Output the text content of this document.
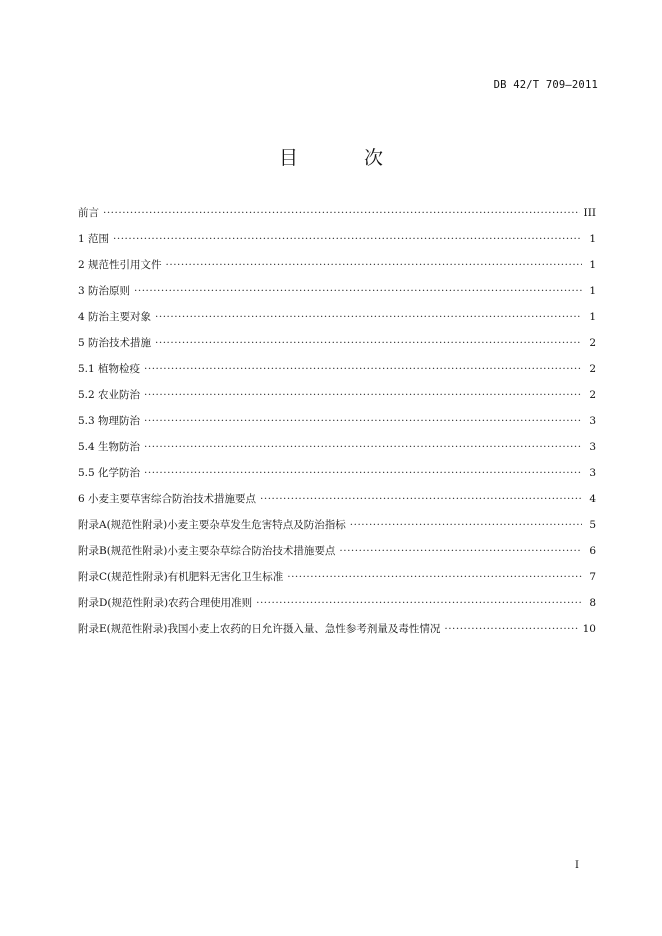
DB 42/T 709—2011
目 次
前言 ·····	III
1 范围 ·····	1
2 规范性引用文件 ·····	1
3 防治原则 ·····	1
4 防治主要对象 ·····	1
5 防治技术措施 ·····	2
5.1 植物检疫 ·····	2
5.2 农业防治 ·····	2
5.3 物理防治 ·····	3
5.4 生物防治 ·····	3
5.5 化学防治 ·····	3
6 小麦主要草害综合防治技术措施要点 ·····	4
附录A(规范性附录)小麦主要杂草发生危害特点及防治指标 ·····	5
附录B(规范性附录)小麦主要杂草综合防治技术措施要点 ·····	6
附录C(规范性附录)有机肥料无害化卫生标准 ·····	7
附录D(规范性附录)农药合理使用准则 ·····	8
附录E(规范性附录)我国小麦上农药的日允许摄入量、急性参考剂量及毒性情况 ·····	10
I
